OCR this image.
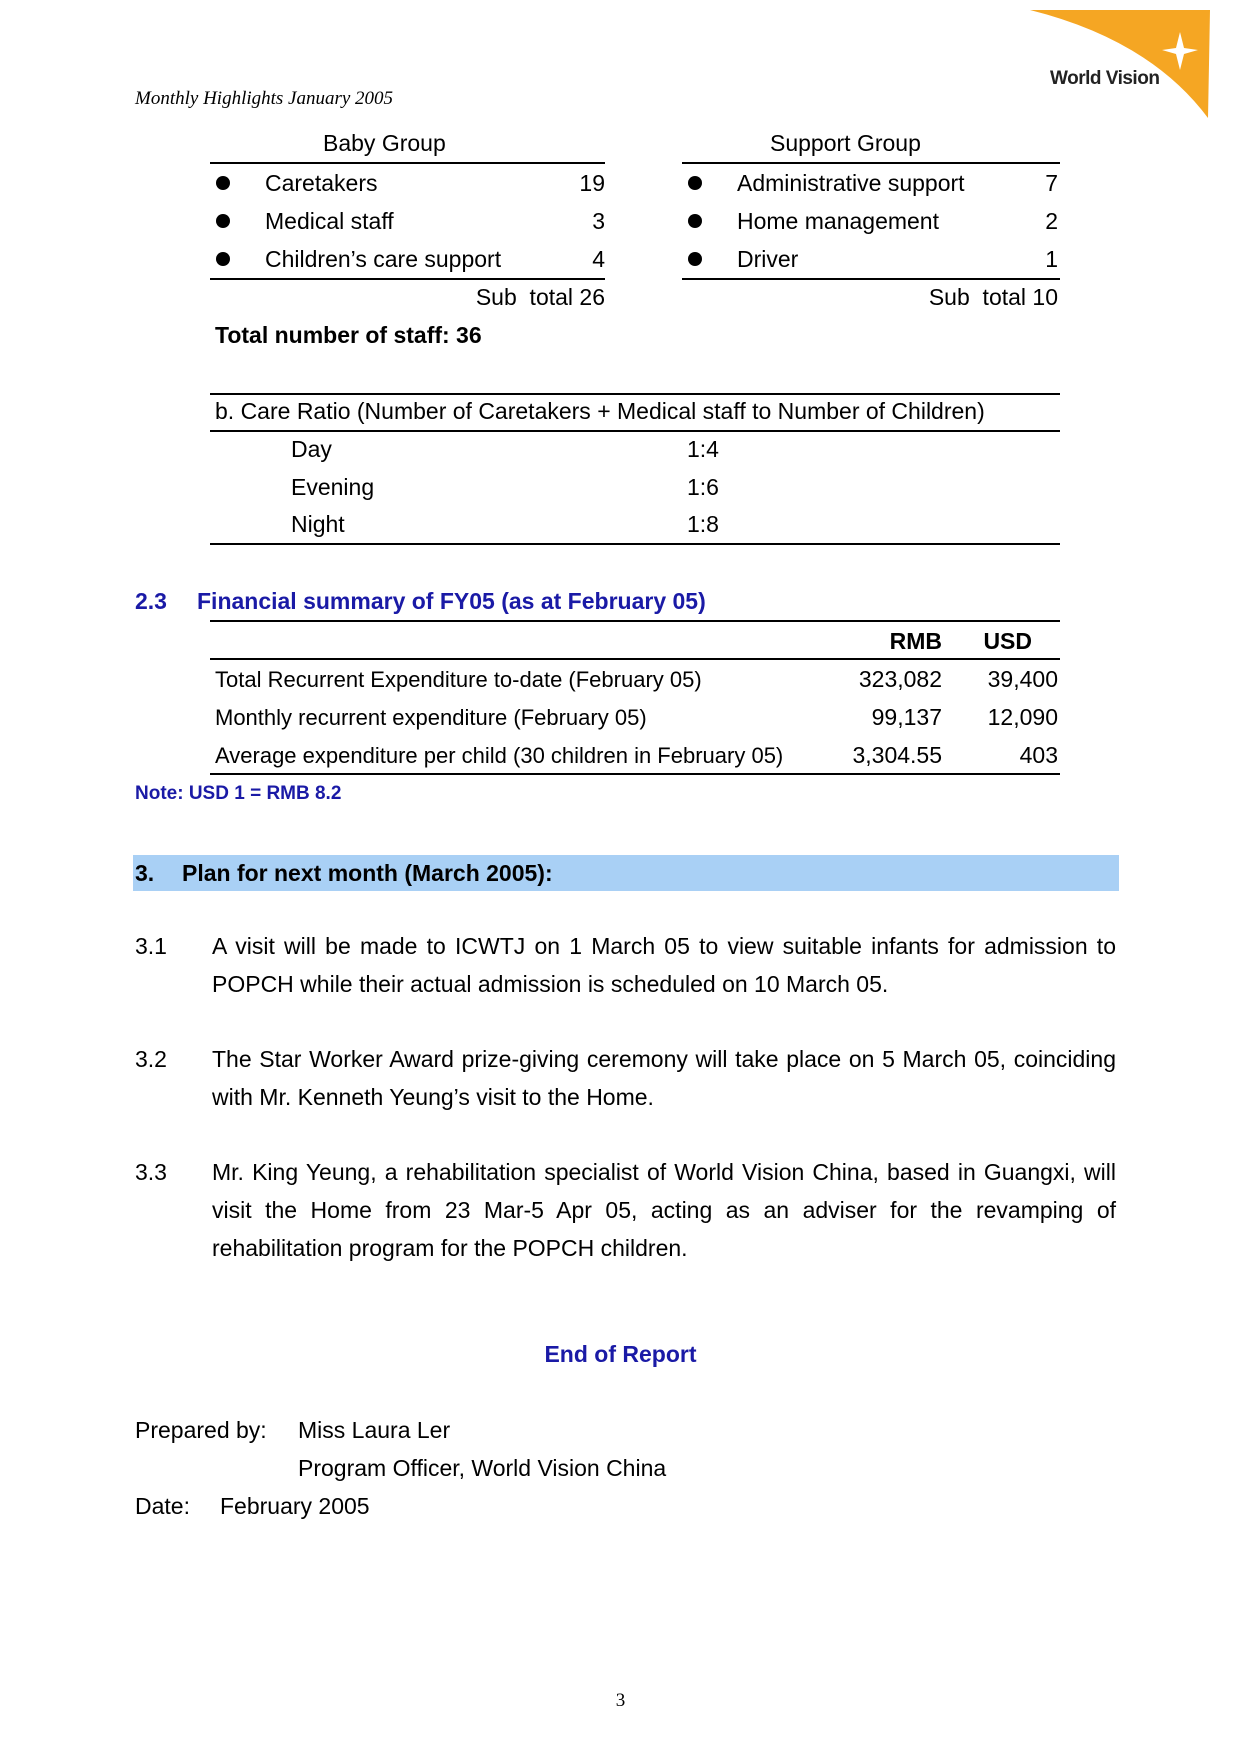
Monthly Highlights January 2005
World Vision
Baby Group
Caretakers	19
Medical staff	3
Children’s care support	4
Sub  total 26
Support Group
Administrative support	7
Home management	2
Driver	1
Sub  total 10
Total number of staff: 36
b. Care Ratio (Number of Caretakers + Medical staff to Number of Children)
Day	1:4
Evening	1:6
Night	1:8
2.3 Financial summary of FY05 (as at February 05)
RMB	USD
Total Recurrent Expenditure to-date (February 05)	323,082	39,400
Monthly recurrent expenditure (February 05)	99,137	12,090
Average expenditure per child (30 children in February 05)	3,304.55	403
Note: USD 1 = RMB 8.2
3. Plan for next month (March 2005):
3.1 A visit will be made to ICWTJ on 1 March 05 to view suitable infants for admission to POPCH while their actual admission is scheduled on 10 March 05.
3.2 The Star Worker Award prize-giving ceremony will take place on 5 March 05, coinciding with Mr. Kenneth Yeung’s visit to the Home.
3.3 Mr. King Yeung, a rehabilitation specialist of World Vision China, based in Guangxi, will visit the Home from 23 Mar-5 Apr 05, acting as an adviser for the revamping of rehabilitation program for the POPCH children.
End of Report
Prepared by: Miss Laura Ler
Program Officer, World Vision China
Date: February 2005
3
